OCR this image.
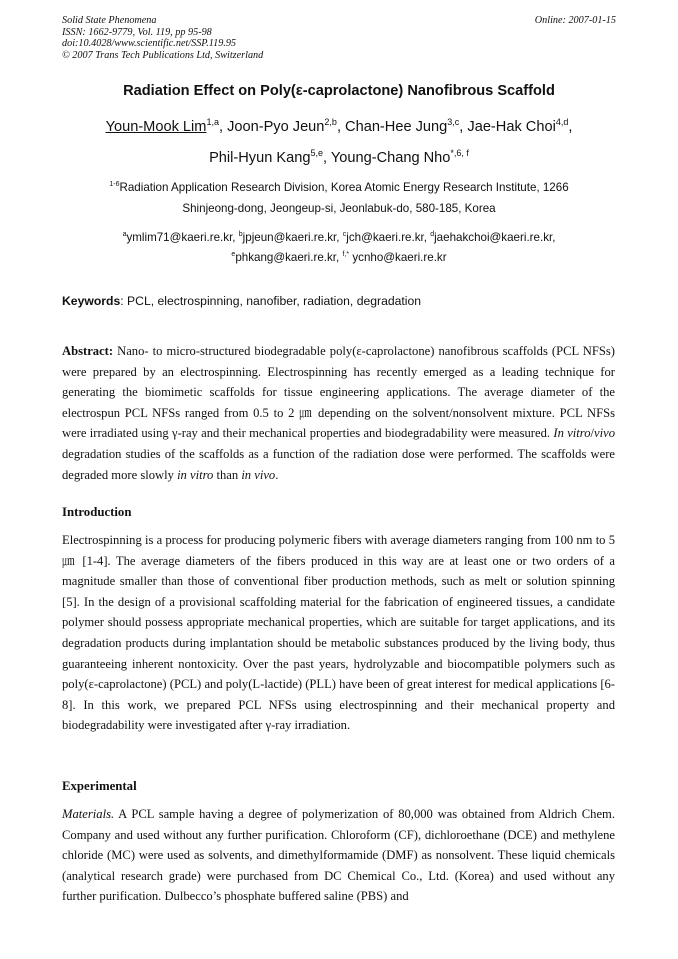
Solid State Phenomena
ISSN: 1662-9779, Vol. 119, pp 95-98
doi:10.4028/www.scientific.net/SSP.119.95
© 2007 Trans Tech Publications Ltd, Switzerland
Online: 2007-01-15
Radiation Effect on Poly(ε-caprolactone) Nanofibrous Scaffold
Youn-Mook Lim$^{1,a}$, Joon-Pyo Jeun$^{2,b}$, Chan-Hee Jung$^{3,c}$, Jae-Hak Choi$^{4,d}$,
Phil-Hyun Kang$^{5,e}$, Young-Chang Nho$^{*,6, f}$
$^{1-6}$Radiation Application Research Division, Korea Atomic Energy Research Institute, 1266
Shinjeong-dong, Jeongeup-si, Jeonlabuk-do, 580-185, Korea
$^a$ymlim71@kaeri.re.kr, $^b$jpjeun@kaeri.re.kr, $^c$jch@kaeri.re.kr, $^d$jaehakchoi@kaeri.re.kr,
$^e$phkang@kaeri.re.kr, $^{f,*}$ ycnho@kaeri.re.kr
Keywords: PCL, electrospinning, nanofiber, radiation, degradation

Abstract: Nano- to micro-structured biodegradable poly(ε-caprolactone) nanofibrous scaffolds (PCL NFSs) were prepared by an electrospinning. Electrospinning has recently emerged as a leading technique for generating the biomimetic scaffolds for tissue engineering applications. The average diameter of the electrospun PCL NFSs ranged from 0.5 to 2 ㎛ depending on the solvent/nonsolvent mixture. PCL NFSs were irradiated using γ-ray and their mechanical properties and biodegradability were measured. In vitro/vivo degradation studies of the scaffolds as a function of the radiation dose were performed. The scaffolds were degraded more slowly in vitro than in vivo.

Introduction

Electrospinning is a process for producing polymeric fibers with average diameters ranging from 100 nm to 5 ㎛ [1-4]. The average diameters of the fibers produced in this way are at least one or two orders of a magnitude smaller than those of conventional fiber production methods, such as melt or solution spinning [5]. In the design of a provisional scaffolding material for the fabrication of engineered tissues, a candidate polymer should possess appropriate mechanical properties, which are suitable for target applications, and its degradation products during implantation should be metabolic substances produced by the living body, thus guaranteeing inherent nontoxicity. Over the past years, hydrolyzable and biocompatible polymers such as poly(ε-caprolactone) (PCL) and poly(L-lactide) (PLL) have been of great interest for medical applications [6-8]. In this work, we prepared PCL NFSs using electrospinning and their mechanical property and biodegradability were investigated after γ-ray irradiation.

Experimental

Materials. A PCL sample having a degree of polymerization of 80,000 was obtained from Aldrich Chem. Company and used without any further purification. Chloroform (CF), dichloroethane (DCE) and methylene chloride (MC) were used as solvents, and dimethylformamide (DMF) as nonsolvent. These liquid chemicals (analytical research grade) were purchased from DC Chemical Co., Ltd. (Korea) and used without any further purification. Dulbecco’s phosphate buffered saline (PBS) and
